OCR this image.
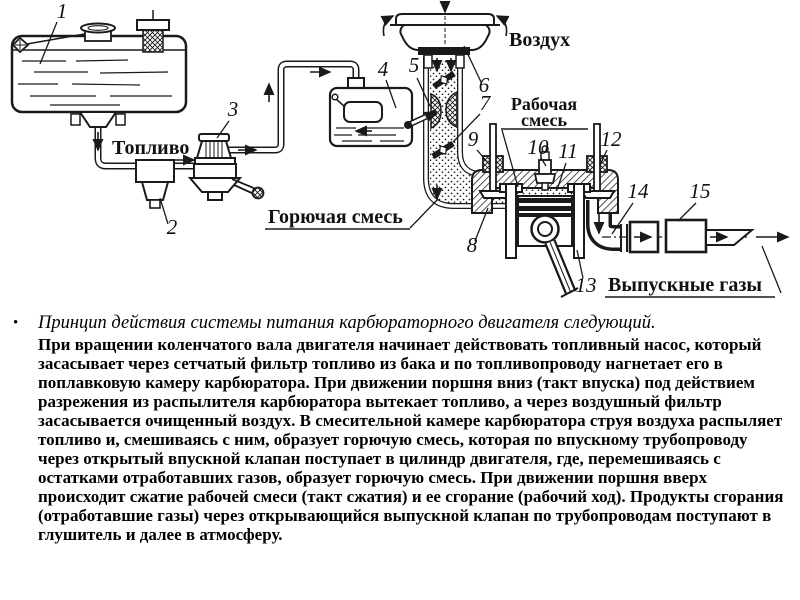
1
2
3
4 5
6
7
8
9 10 11 12
13
14 15
Топливо
Воздух
Рабочая
смесь
Горючая смесь
Выпускные газы
• Принцип действия системы питания карбюраторного двигателя следующий.

При вращении коленчатого вала двигателя начинает действовать топливный насос, который засасывает через сетчатый фильтр топливо из бака и по топливопроводу нагнетает его в поплавковую камеру карбюратора. При движении поршня вниз (такт впуска) под действием разрежения из распылителя карбюратора вытекает топливо, а через воздушный фильтр засасывается очищенный воздух. В смесительной камере карбюратора струя воздуха распыляет топливо и, смешиваясь с ним, образует горючую смесь, которая по впускному трубопроводу через открытый впускной клапан поступает в цилиндр двигателя, где, перемешиваясь с остатками отработавших газов, образует горючую смесь. При движении поршня вверх происходит сжатие рабочей смеси (такт сжатия) и ее сгорание (рабочий ход). Продукты сгорания (отработавшие газы) через открывающийся выпускной клапан по трубопроводам поступают в глушитель и далее в атмосферу.
